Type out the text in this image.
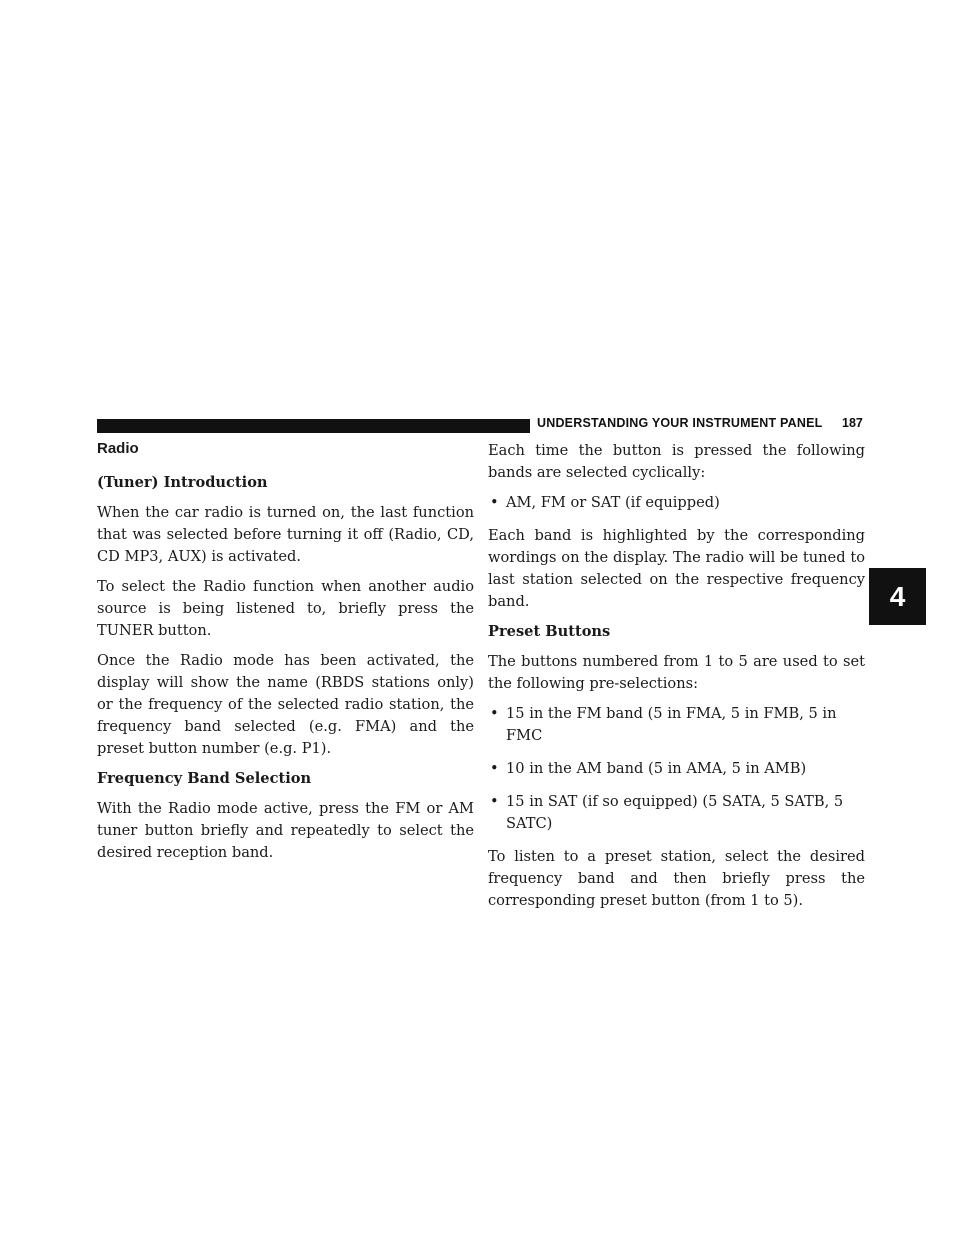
UNDERSTANDING YOUR INSTRUMENT PANEL 187
4
Radio
(Tuner) Introduction

When the car radio is turned on, the last function that was selected before turning it off (Radio, CD, CD MP3, AUX) is activated.

To select the Radio function when another audio source is being listened to, briefly press the TUNER button.

Once the Radio mode has been activated, the display will show the name (RBDS stations only) or the frequency of the selected radio station, the frequency band selected (e.g. FMA) and the preset button number (e.g. P1).

Frequency Band Selection

With the Radio mode active, press the FM or AM tuner button briefly and repeatedly to select the desired reception band.

Each time the button is pressed the following bands are selected cyclically:

• AM, FM or SAT (if equipped)

Each band is highlighted by the corresponding wordings on the display. The radio will be tuned to last station selected on the respective frequency band.

Preset Buttons

The buttons numbered from 1 to 5 are used to set the following pre-selections:

• 15 in the FM band (5 in FMA, 5 in FMB, 5 in FMC
• 10 in the AM band (5 in AMA, 5 in AMB)
• 15 in SAT (if so equipped) (5 SATA, 5 SATB, 5 SATC)

To listen to a preset station, select the desired frequency band and then briefly press the corresponding preset button (from 1 to 5).
